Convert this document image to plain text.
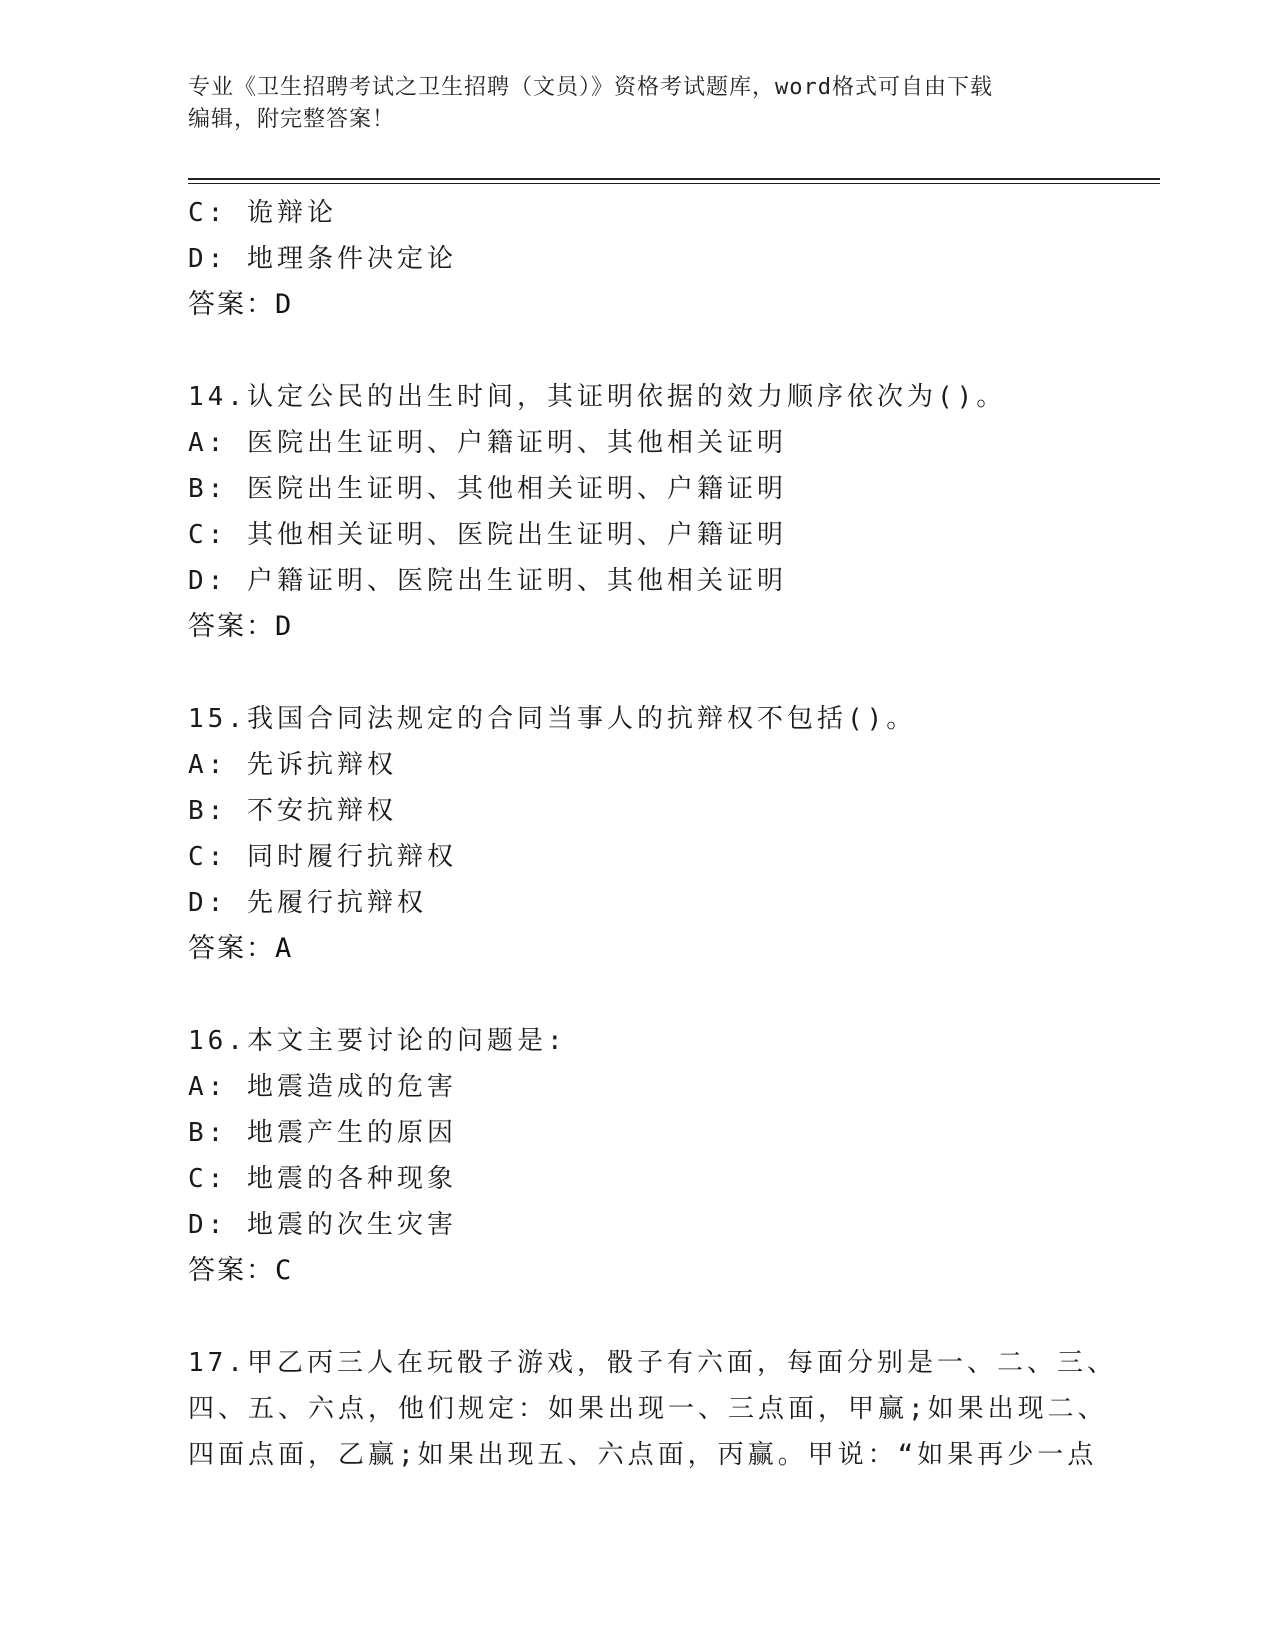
专业《卫生招聘考试之卫生招聘（文员）》资格考试题库，word格式可自由下载
编辑，附完整答案！
C: 诡辩论
D: 地理条件决定论
答案：D
14.认定公民的出生时间，其证明依据的效力顺序依次为()。
A: 医院出生证明、户籍证明、其他相关证明
B: 医院出生证明、其他相关证明、户籍证明
C: 其他相关证明、医院出生证明、户籍证明
D: 户籍证明、医院出生证明、其他相关证明
答案：D
15.我国合同法规定的合同当事人的抗辩权不包括()。
A: 先诉抗辩权
B: 不安抗辩权
C: 同时履行抗辩权
D: 先履行抗辩权
答案：A
16.本文主要讨论的问题是:
A: 地震造成的危害
B: 地震产生的原因
C: 地震的各种现象
D: 地震的次生灾害
答案：C
17.甲乙丙三人在玩骰子游戏，骰子有六面，每面分别是一、二、三、
四、五、六点，他们规定：如果出现一、三点面，甲赢;如果出现二、
四面点面，乙赢;如果出现五、六点面，丙赢。甲说：“如果再少一点
